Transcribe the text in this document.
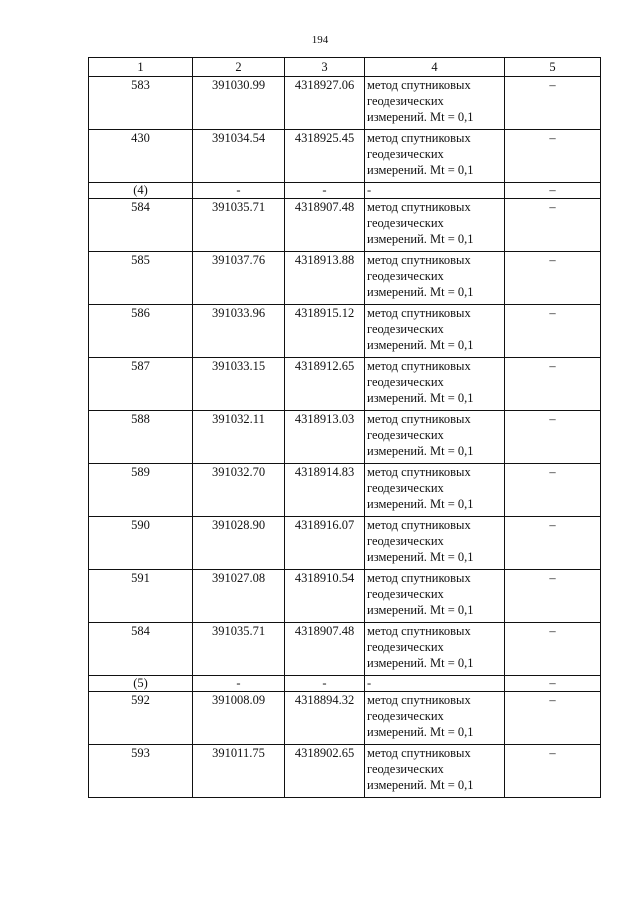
194
1	2	3	4	5
583	391030.99	4318927.06	метод спутниковых
геодезических
измерений. Mt = 0,1	–
430	391034.54	4318925.45	метод спутниковых
геодезических
измерений. Mt = 0,1	–
(4)	-	-	-	–
584	391035.71	4318907.48	метод спутниковых
геодезических
измерений. Mt = 0,1	–
585	391037.76	4318913.88	метод спутниковых
геодезических
измерений. Mt = 0,1	–
586	391033.96	4318915.12	метод спутниковых
геодезических
измерений. Mt = 0,1	–
587	391033.15	4318912.65	метод спутниковых
геодезических
измерений. Mt = 0,1	–
588	391032.11	4318913.03	метод спутниковых
геодезических
измерений. Mt = 0,1	–
589	391032.70	4318914.83	метод спутниковых
геодезических
измерений. Mt = 0,1	–
590	391028.90	4318916.07	метод спутниковых
геодезических
измерений. Mt = 0,1	–
591	391027.08	4318910.54	метод спутниковых
геодезических
измерений. Mt = 0,1	–
584	391035.71	4318907.48	метод спутниковых
геодезических
измерений. Mt = 0,1	–
(5)	-	-	-	–
592	391008.09	4318894.32	метод спутниковых
геодезических
измерений. Mt = 0,1	–
593	391011.75	4318902.65	метод спутниковых
геодезических
измерений. Mt = 0,1	–
